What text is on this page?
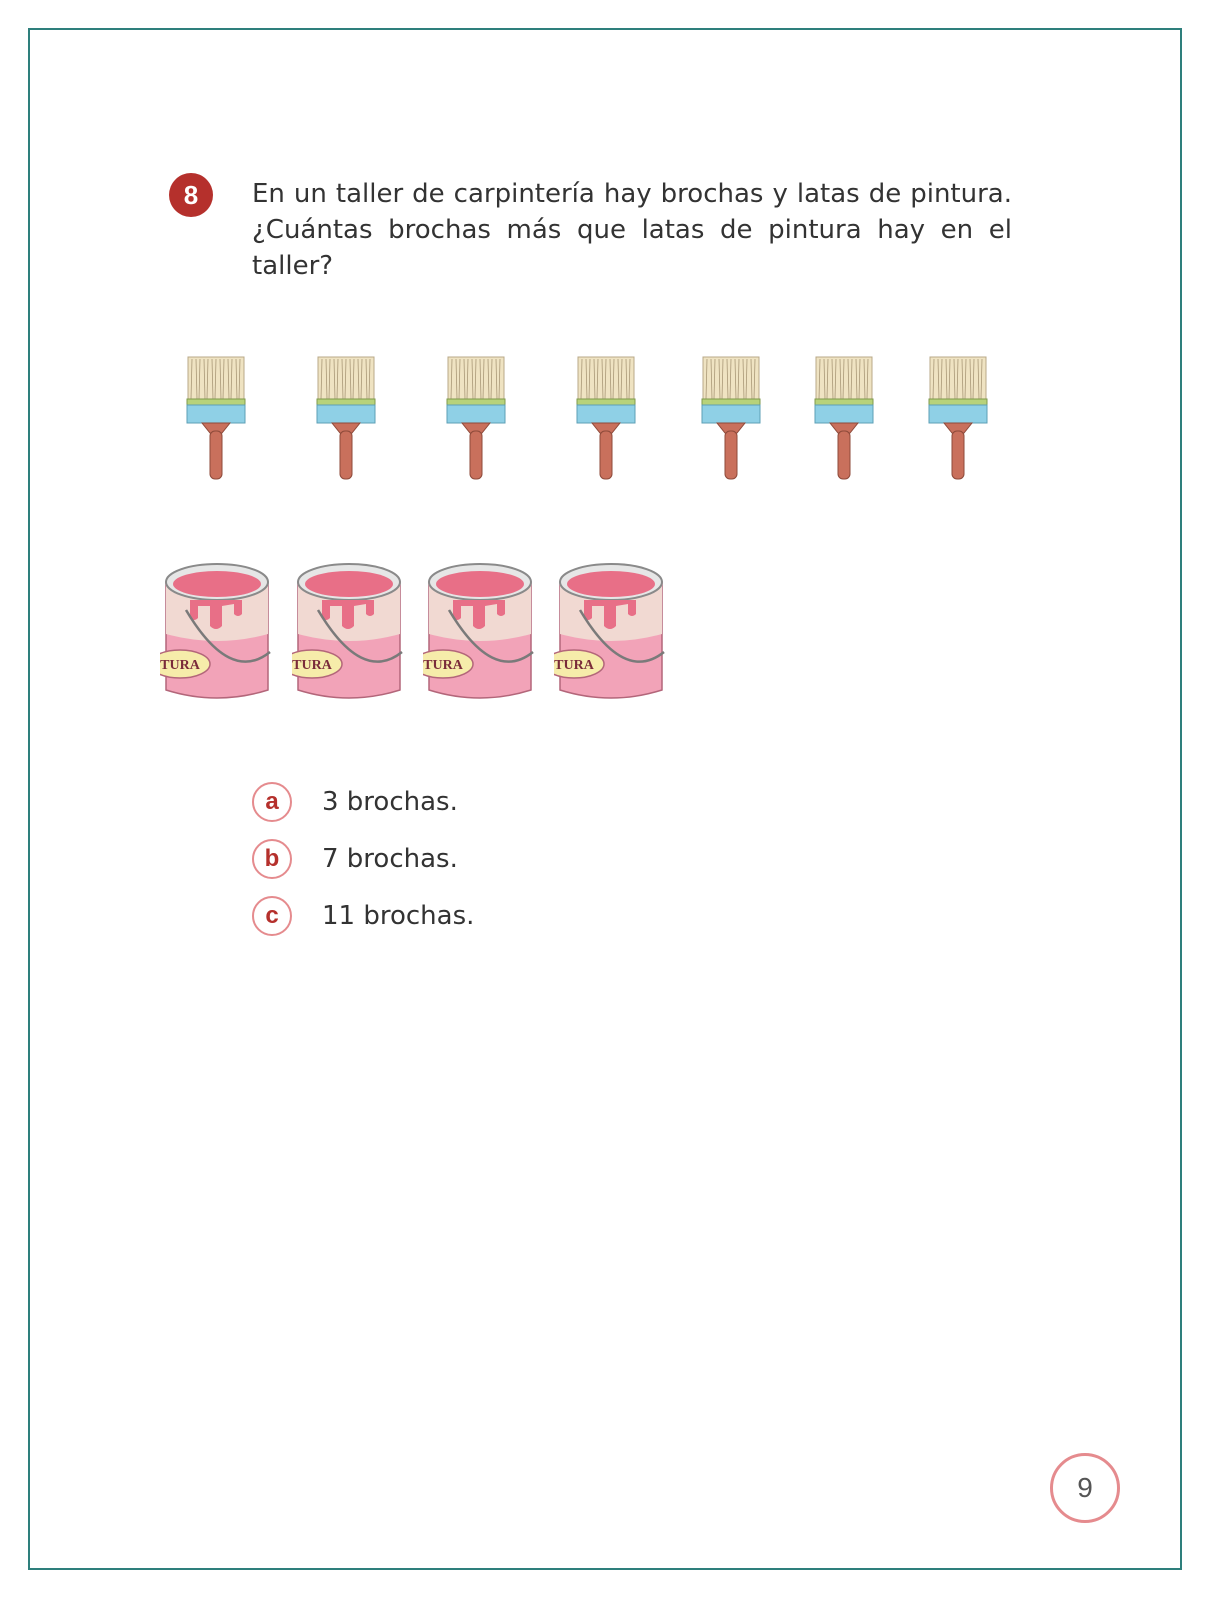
8	En un taller de carpintería hay brochas y latas de pintura. ¿Cuántas brochas más que latas de pintura hay en el taller?

TURA	TURA	TURA	TURA
a	3 brochas.
b	7 brochas.
c	11 brochas.
9
